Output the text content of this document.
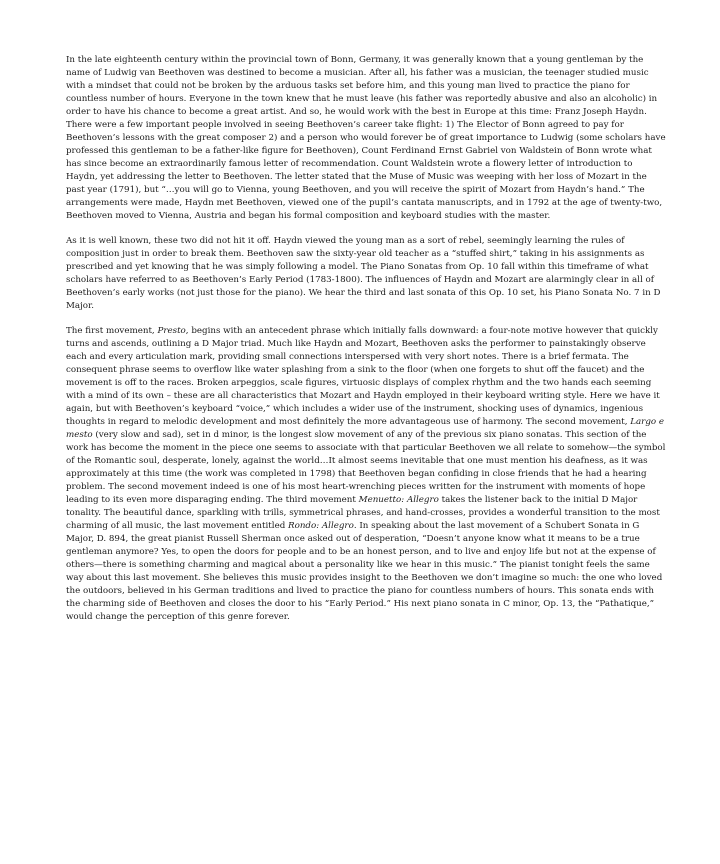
In the late eighteenth century within the provincial town of Bonn, Germany, it was generally known that a young gentleman by the name of Ludwig van Beethoven was destined to become a musician. After all, his father was a musician, the teenager studied music with a mindset that could not be broken by the arduous tasks set before him, and this young man lived to practice the piano for countless number of hours. Everyone in the town knew that he must leave (his father was reportedly abusive and also an alcoholic) in order to have his chance to become a great artist. And so, he would work with the best in Europe at this time: Franz Joseph Haydn. There were a few important people involved in seeing Beethoven’s career take flight: 1) The Elector of Bonn agreed to pay for Beethoven’s lessons with the great composer 2) and a person who would forever be of great importance to Ludwig (some scholars have professed this gentleman to be a father-like figure for Beethoven), Count Ferdinand Ernst Gabriel von Waldstein of Bonn wrote what has since become an extraordinarily famous letter of recommendation. Count Waldstein wrote a flowery letter of introduction to Haydn, yet addressing the letter to Beethoven. The letter stated that the Muse of Music was weeping with her loss of Mozart in the past year (1791), but “…you will go to Vienna, young Beethoven, and you will receive the spirit of Mozart from Haydn’s hand.” The arrangements were made, Haydn met Beethoven, viewed one of the pupil’s cantata manuscripts, and in 1792 at the age of twenty-two, Beethoven moved to Vienna, Austria and began his formal composition and keyboard studies with the master.

As it is well known, these two did not hit it off. Haydn viewed the young man as a sort of rebel, seemingly learning the rules of composition just in order to break them. Beethoven saw the sixty-year old teacher as a “stuffed shirt,” taking in his assignments as prescribed and yet knowing that he was simply following a model. The Piano Sonatas from Op. 10 fall within this timeframe of what scholars have referred to as Beethoven’s Early Period (1783-1800). The influences of Haydn and Mozart are alarmingly clear in all of Beethoven’s early works (not just those for the piano). We hear the third and last sonata of this Op. 10 set, his Piano Sonata No. 7 in D Major.

The first movement, Presto, begins with an antecedent phrase which initially falls downward: a four-note motive however that quickly turns and ascends, outlining a D Major triad. Much like Haydn and Mozart, Beethoven asks the performer to painstakingly observe each and every articulation mark, providing small connections interspersed with very short notes. There is a brief fermata. The consequent phrase seems to overflow like water splashing from a sink to the floor (when one forgets to shut off the faucet) and the movement is off to the races. Broken arpeggios, scale figures, virtuosic displays of complex rhythm and the two hands each seeming with a mind of its own – these are all characteristics that Mozart and Haydn employed in their keyboard writing style. Here we have it again, but with Beethoven’s keyboard “voice,” which includes a wider use of the instrument, shocking uses of dynamics, ingenious thoughts in regard to melodic development and most definitely the more advantageous use of harmony. The second movement, Largo e mesto (very slow and sad), set in d minor, is the longest slow movement of any of the previous six piano sonatas. This section of the work has become the moment in the piece one seems to associate with that particular Beethoven we all relate to somehow—the symbol of the Romantic soul, desperate, lonely, against the world…It almost seems inevitable that one must mention his deafness, as it was approximately at this time (the work was completed in 1798) that Beethoven began confiding in close friends that he had a hearing problem. The second movement indeed is one of his most heart-wrenching pieces written for the instrument with moments of hope leading to its even more disparaging ending. The third movement Menuetto: Allegro takes the listener back to the initial D Major tonality. The beautiful dance, sparkling with trills, symmetrical phrases, and hand-crosses, provides a wonderful transition to the most charming of all music, the last movement entitled Rondo: Allegro. In speaking about the last movement of a Schubert Sonata in G Major, D. 894, the great pianist Russell Sherman once asked out of desperation, “Doesn’t anyone know what it means to be a true gentleman anymore? Yes, to open the doors for people and to be an honest person, and to live and enjoy life but not at the expense of others—there is something charming and magical about a personality like we hear in this music.” The pianist tonight feels the same way about this last movement. She believes this music provides insight to the Beethoven we don’t imagine so much: the one who loved the outdoors, believed in his German traditions and lived to practice the piano for countless numbers of hours. This sonata ends with the charming side of Beethoven and closes the door to his “Early Period.” His next piano sonata in C minor, Op. 13, the “Pathatique,” would change the perception of this genre forever.
